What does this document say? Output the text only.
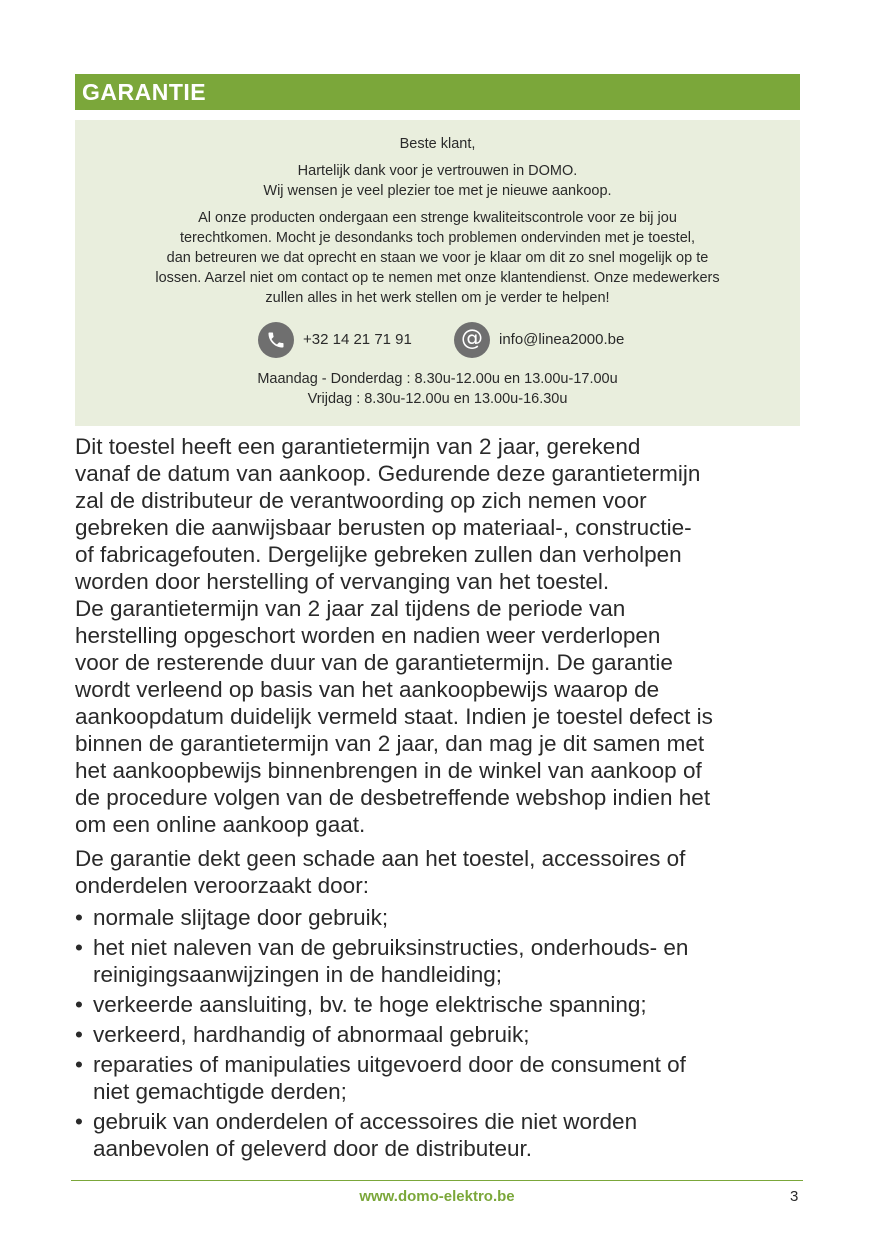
GARANTIE
Beste klant,
Hartelijk dank voor je vertrouwen in DOMO.
Wij wensen je veel plezier toe met je nieuwe aankoop.
Al onze producten ondergaan een strenge kwaliteitscontrole voor ze bij jou
terechtkomen. Mocht je desondanks toch problemen ondervinden met je toestel,
dan betreuren we dat oprecht en staan we voor je klaar om dit zo snel mogelijk op te
lossen. Aarzel niet om contact op te nemen met onze klantendienst. Onze medewerkers
zullen alles in het werk stellen om je verder te helpen!
+32 14 21 71 91 @ info@linea2000.be
Maandag - Donderdag : 8.30u-12.00u en 13.00u-17.00u
Vrijdag : 8.30u-12.00u en 13.00u-16.30u

Dit toestel heeft een garantietermijn van 2 jaar, gerekend
vanaf de datum van aankoop. Gedurende deze garantietermijn
zal de distributeur de verantwoording op zich nemen voor
gebreken die aanwijsbaar berusten op materiaal-, constructie-
of fabricagefouten. Dergelijke gebreken zullen dan verholpen
worden door herstelling of vervanging van het toestel.

De garantietermijn van 2 jaar zal tijdens de periode van
herstelling opgeschort worden en nadien weer verderlopen
voor de resterende duur van de garantietermijn. De garantie
wordt verleend op basis van het aankoopbewijs waarop de
aankoopdatum duidelijk vermeld staat. Indien je toestel defect is
binnen de garantietermijn van 2 jaar, dan mag je dit samen met
het aankoopbewijs binnenbrengen in de winkel van aankoop of
de procedure volgen van de desbetreffende webshop indien het
om een online aankoop gaat.

De garantie dekt geen schade aan het toestel, accessoires of
onderdelen veroorzaakt door:

• normale slijtage door gebruik;
• het niet naleven van de gebruiksinstructies, onderhouds- en
reinigingsaanwijzingen in de handleiding;
• verkeerde aansluiting, bv. te hoge elektrische spanning;
• verkeerd, hardhandig of abnormaal gebruik;
• reparaties of manipulaties uitgevoerd door de consument of
niet gemachtigde derden;
• gebruik van onderdelen of accessoires die niet worden
aanbevolen of geleverd door de distributeur.
www.domo-elektro.be	3
